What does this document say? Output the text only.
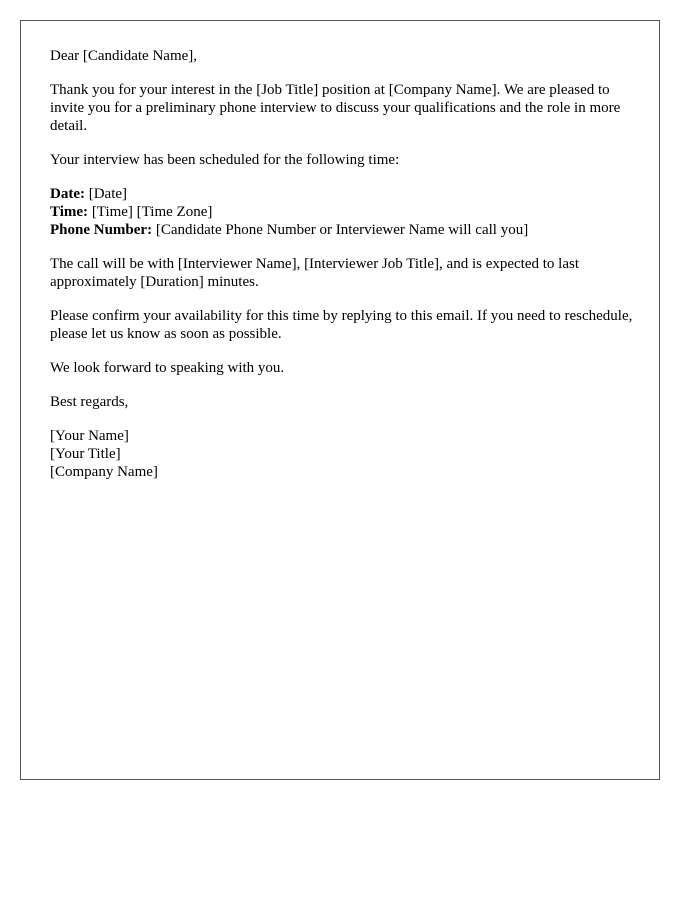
Dear [Candidate Name],

Thank you for your interest in the [Job Title] position at [Company Name]. We are pleased to invite you for a preliminary phone interview to discuss your qualifications and the role in more detail.

Your interview has been scheduled for the following time:

Date: [Date]
Time: [Time] [Time Zone]
Phone Number: [Candidate Phone Number or Interviewer Name will call you]

The call will be with [Interviewer Name], [Interviewer Job Title], and is expected to last approximately [Duration] minutes.

Please confirm your availability for this time by replying to this email. If you need to reschedule, please let us know as soon as possible.

We look forward to speaking with you.

Best regards,

[Your Name]
[Your Title]
[Company Name]
